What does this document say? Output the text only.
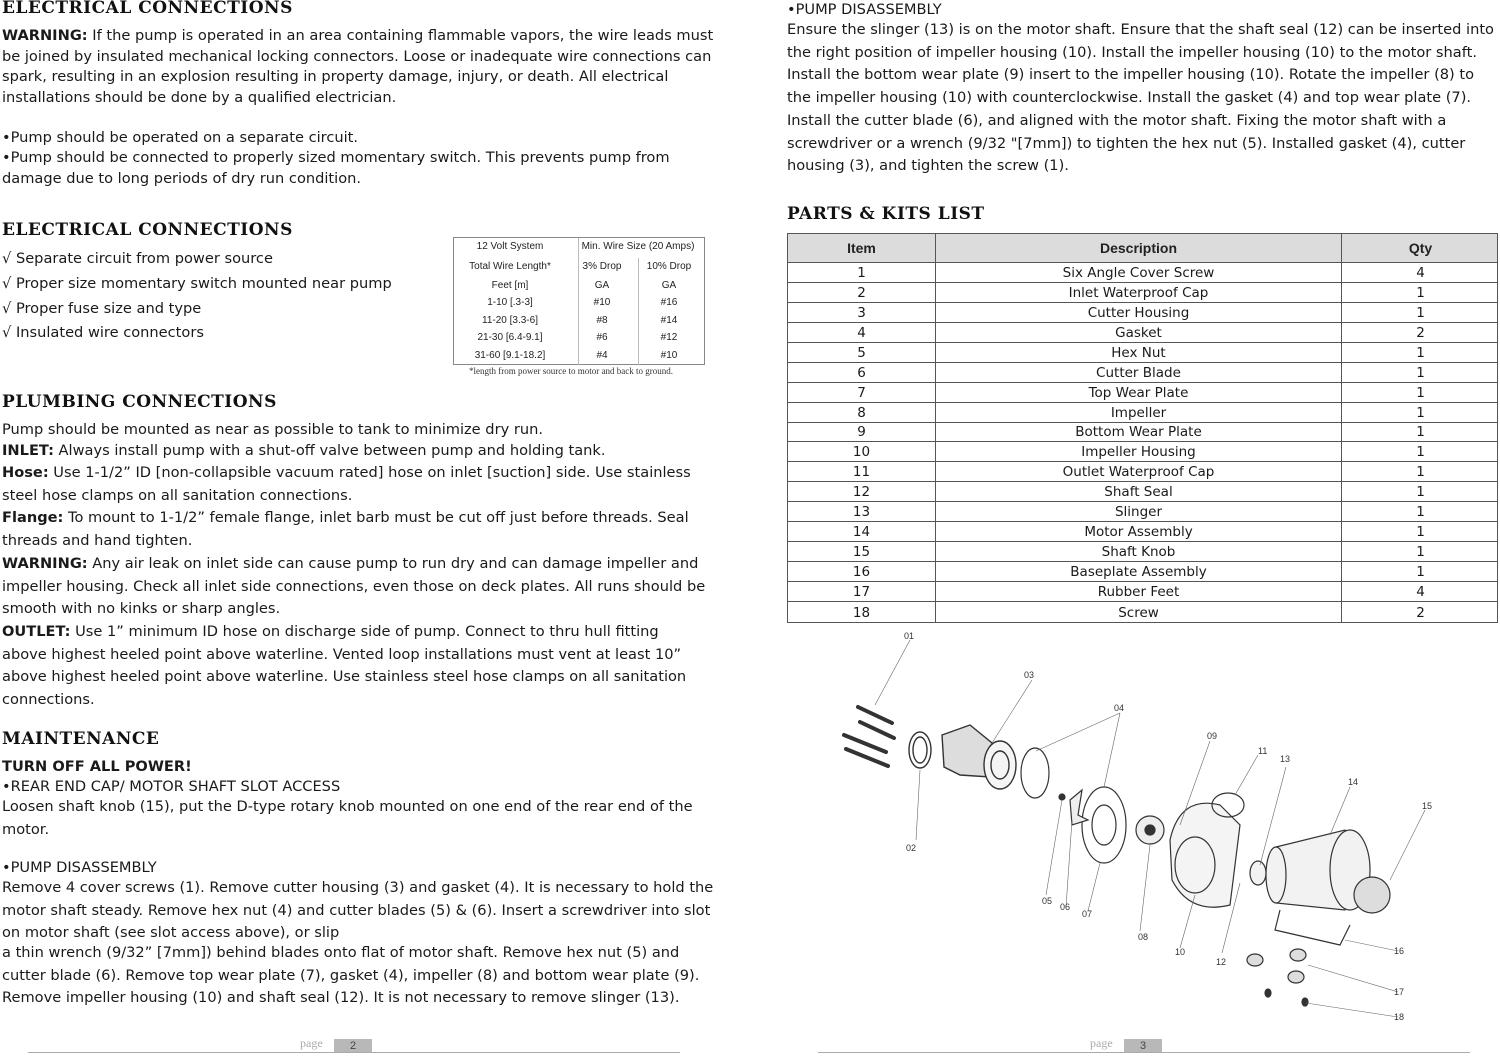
ELECTRICAL CONNECTIONS
WARNING: If the pump is operated in an area containing flammable vapors, the wire leads must be joined by insulated mechanical locking connectors. Loose or inadequate wire connections can spark, resulting in an explosion resulting in property damage, injury, or death. All electrical installations should be done by a qualified electrician.
•Pump should be operated on a separate circuit.
•Pump should be connected to properly sized momentary switch. This prevents pump from damage due to long periods of dry run condition.
ELECTRICAL CONNECTIONS
√ Separate circuit from power source
√ Proper size momentary switch mounted near pump
√ Proper fuse size and type
√ Insulated wire connectors
PLUMBING CONNECTIONS
Pump should be mounted as near as possible to tank to minimize dry run.
INLET: Always install pump with a shut-off valve between pump and holding tank.
Hose: Use 1-1/2” ID [non-collapsible vacuum rated] hose on inlet [suction] side. Use stainless steel hose clamps on all sanitation connections.
Flange: To mount to 1-1/2” female flange, inlet barb must be cut off just before threads. Seal threads and hand tighten.
WARNING: Any air leak on inlet side can cause pump to run dry and can damage impeller and impeller housing. Check all inlet side connections, even those on deck plates. All runs should be smooth with no kinks or sharp angles.
OUTLET: Use 1” minimum ID hose on discharge side of pump. Connect to thru hull fitting above highest heeled point above waterline. Vented loop installations must vent at least 10” above highest heeled point above waterline. Use stainless steel hose clamps on all sanitation connections.
MAINTENANCE
TURN OFF ALL POWER!
•REAR END CAP/ MOTOR SHAFT SLOT ACCESS
Loosen shaft knob (15), put the D-type rotary knob mounted on one end of the rear end of the motor.
•PUMP DISASSEMBLY
Remove 4 cover screws (1). Remove cutter housing (3) and gasket (4). It is necessary to hold the motor shaft steady. Remove hex nut (4) and cutter blades (5) & (6). Insert a screwdriver into slot on motor shaft (see slot access above), or slip
a thin wrench (9/32” [7mm]) behind blades onto flat of motor shaft. Remove hex nut (5) and cutter blade (6). Remove top wear plate (7), gasket (4), impeller (8) and bottom wear plate (9). Remove impeller housing (10) and shaft seal (12). It is not necessary to remove slinger (13).
12 Volt System	Min. Wire Size (20 Amps)
Total Wire Length*	3% Drop	10% Drop
Feet [m]	GA	GA
1-10 [.3-3]	#10	#16
11-20 [3.3-6]	#8	#14
21-30 [6.4-9.1]	#6	#12
31-60 [9.1-18.2]	#4	#10
*length from power source to motor and back to ground.
•PUMP DISASSEMBLY
Ensure the slinger (13) is on the motor shaft. Ensure that the shaft seal (12) can be inserted into the right position of impeller housing (10). Install the impeller housing (10) to the motor shaft. Install the bottom wear plate (9) insert to the impeller housing (10). Rotate the impeller (8) to the impeller housing (10) with counterclockwise. Install the gasket (4) and top wear plate (7). Install the cutter blade (6), and aligned with the motor shaft. Fixing the motor shaft with a screwdriver or a wrench (9/32 "[7mm]) to tighten the hex nut (5). Installed gasket (4), cutter housing (3), and tighten the screw (1).
PARTS & KITS LIST
Item	Description	Qty
1	Six Angle Cover Screw	4
2	Inlet Waterproof Cap	1
3	Cutter Housing	1
4	Gasket	2
5	Hex Nut	1
6	Cutter Blade	1
7	Top Wear Plate	1
8	Impeller	1
9	Bottom Wear Plate	1
10	Impeller Housing	1
11	Outlet Waterproof Cap	1
12	Shaft Seal	1
13	Slinger	1
14	Motor Assembly	1
15	Shaft Knob	1
16	Baseplate Assembly	1
17	Rubber Feet	4
18	Screw	2
01
02
03
04
05
06
07
08
09
10
11
12
13
14
15
16
17
18
page	2	page	3
